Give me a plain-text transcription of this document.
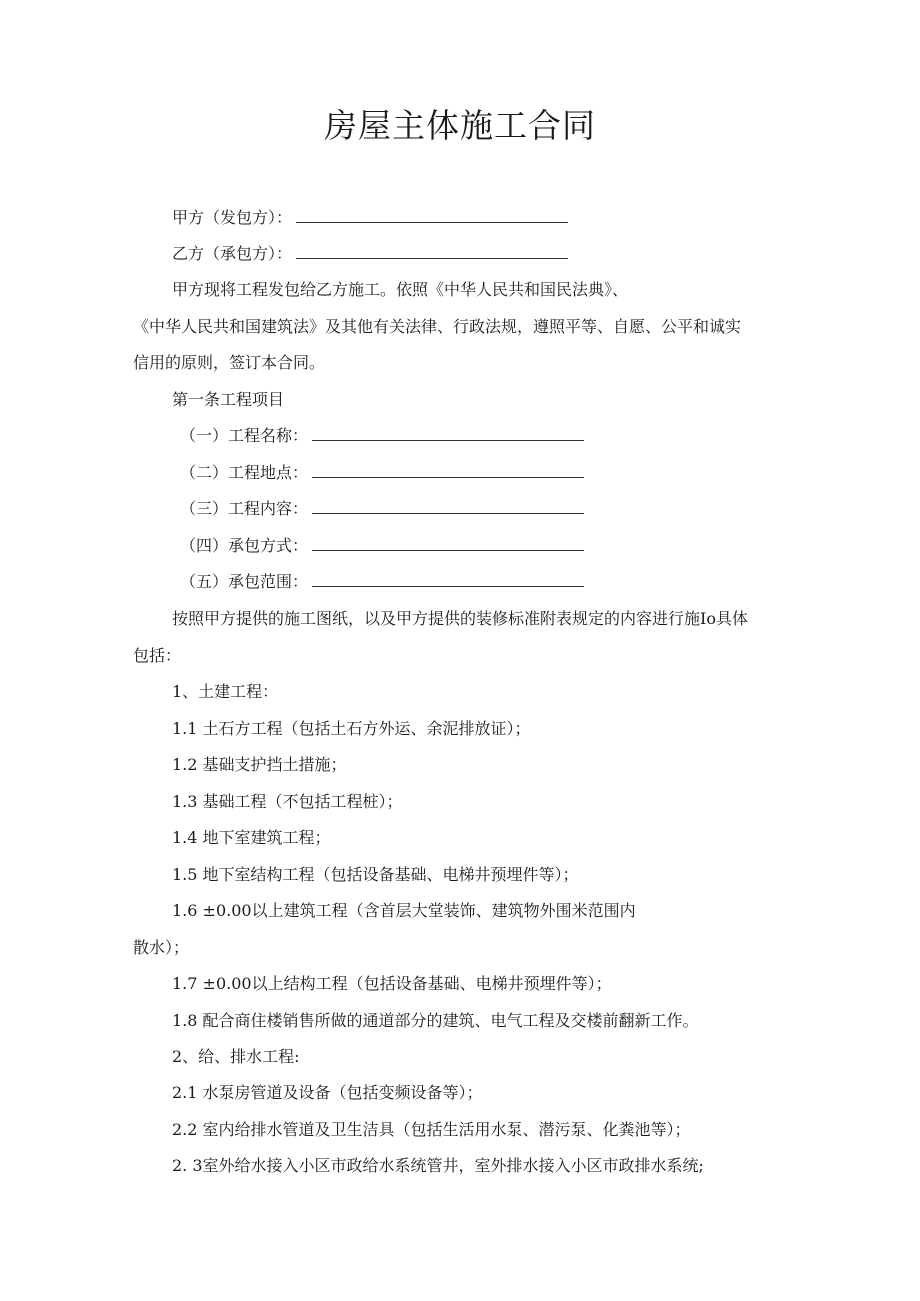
房屋主体施工合同
甲方（发包方）：
乙方（承包方）：
甲方现将工程发包给乙方施工。依照《中华人民共和国民法典》、
《中华人民共和国建筑法》及其他有关法律、行政法规，遵照平等、自愿、公平和诚实
信用的原则，签订本合同。
第一条工程项目
（一）工程名称：
（二）工程地点：
（三）工程内容：
（四）承包方式：
（五）承包范围：
按照甲方提供的施工图纸，以及甲方提供的装修标准附表规定的内容进行施Io具体
包括：
1、土建工程：
1.1 土石方工程（包括土石方外运、余泥排放证）；
1.2 基础支护挡土措施；
1.3 基础工程（不包括工程桩）；
1.4 地下室建筑工程；
1.5 地下室结构工程（包括设备基础、电梯井预埋件等）；
1.6 ±0.00以上建筑工程（含首层大堂装饰、建筑物外围米范围内
散水）；
1.7 ±0.00以上结构工程（包括设备基础、电梯井预埋件等）；
1.8 配合商住楼销售所做的通道部分的建筑、电气工程及交楼前翻新工作。
2、给、排水工程:
2.1 水泵房管道及设备（包括变频设备等）；
2.2 室内给排水管道及卫生洁具（包括生活用水泵、潜污泵、化粪池等）；
2. 3室外给水接入小区市政给水系统管井，室外排水接入小区市政排水系统;
